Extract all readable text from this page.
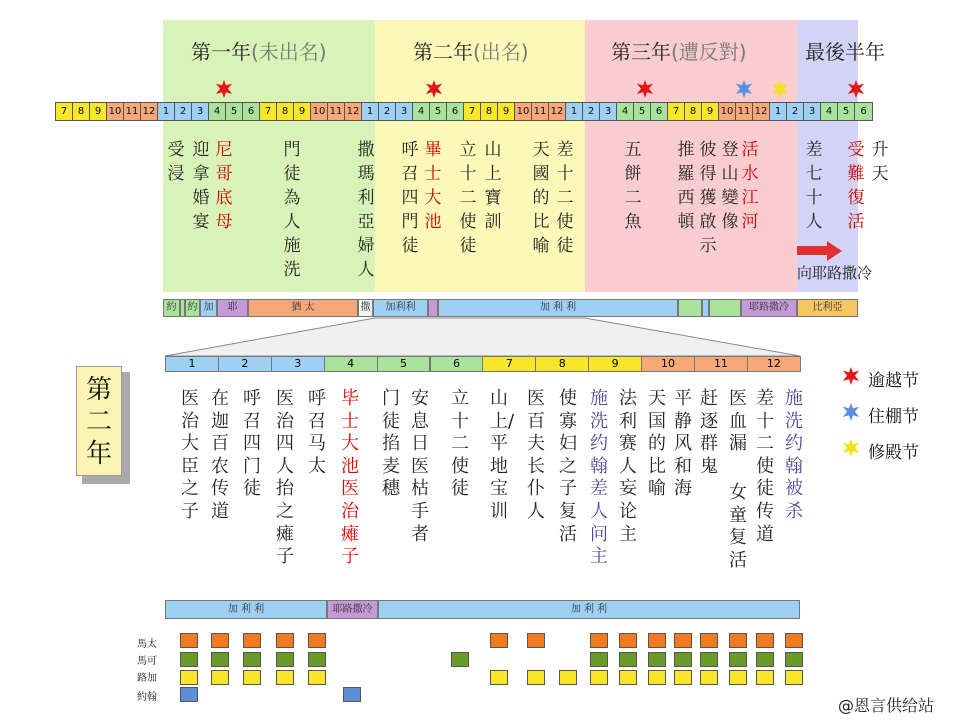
第一年(未出名)	第二年(出名)	第三年(遭反對)	最後半年
7	8	9 10 11 12 1	2	3	4	5	6	7	8	9 10 11 12 1	2	3	4	5	6	7	8	9 10 11 12 1	2	3	4	5	6	7	8	9 10 11 12 1	2	3	4	5	6
受浸
迎拿婚宴
尼哥底母
門徒為人施洗
撒瑪利亞婦人
呼召四門徒
畢士大池
立十二使徒
山上寶訓
天國的比喻
差十二使徒
五餅二魚
推羅西頓
彼得獲啟示
登山變像
活水江河
差七十人
受難復活
升天
向耶路撒冷
約	約 加	耶	猶 太	撒	加利利	加 利 利	耶路撒冷	比利亞
1	2	3	4	5	6	7	8	9	10	11	12
第二年
医治大臣之子
在迦百农传道
呼召四门徒
医治四人抬之瘫子
呼召马太
毕士大池医治瘫子
门徒掐麦穗
安息日医枯手者
立十二使徒
山上/平地宝训
医百夫长仆人
使寡妇之子复活
施洗约翰差人问主
法利赛人妄论主
天国的比喻
平静风和海
赶逐群鬼
医血漏
女童复活
差十二使徒传道
施洗约翰被杀
逾越节
住棚节
修殿节
加 利 利	耶路撒冷	加 利 利
馬太
馬可
路加
約翰	@恩言供给站
